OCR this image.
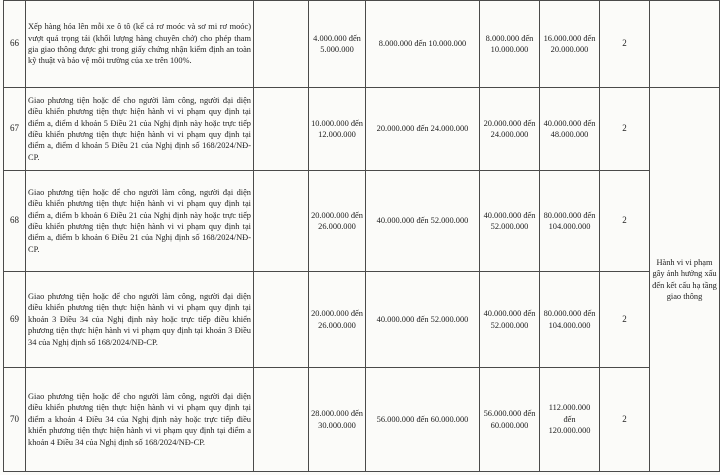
66	Xếp hàng hóa lên mỗi xe ô tô (kể cả rơ moóc và sơ mi rơ moóc) vượt quá trọng tải (khối lượng hàng chuyên chở) cho phép tham gia giao thông được ghi trong giấy chứng nhận kiểm định an toàn kỹ thuật và bảo vệ môi trường của xe trên 100%.		4.000.000 đến 5.000.000	8.000.000 đến 10.000.000	8.000.000 đến 10.000.000	16.000.000 đến 20.000.000	2	
67	Giao phương tiện hoặc để cho người làm công, người đại diện điều khiển phương tiện thực hiện hành vi vi phạm quy định tại điểm a, điểm d khoản 5 Điều 21 của Nghị định này hoặc trực tiếp điều khiển phương tiện thực hiện hành vi vi phạm quy định tại điểm a, điểm d khoản 5 Điều 21 của Nghị định số 168/2024/NĐ-CP.		10.000.000 đến 12.000.000	20.000.000 đến 24.000.000	20.000.000 đến 24.000.000	40.000.000 đến 48.000.000	2	Hành vi vi phạm gây ảnh hưởng xấu đến kết cấu hạ tầng giao thông
68	Giao phương tiện hoặc để cho người làm công, người đại diện điều khiển phương tiện thực hiện hành vi vi phạm quy định tại điểm a, điểm b khoản 6 Điều 21 của Nghị định này hoặc trực tiếp điều khiển phương tiện thực hiện hành vi vi phạm quy định tại điểm a, điểm b khoản 6 Điều 21 của Nghị định số 168/2024/NĐ-CP.		20.000.000 đến 26.000.000	40.000.000 đến 52.000.000	40.000.000 đến 52.000.000	80.000.000 đến 104.000.000	2	
69	Giao phương tiện hoặc để cho người làm công, người đại diện điều khiển phương tiện thực hiện hành vi vi phạm quy định tại khoản 3 Điều 34 của Nghị định này hoặc trực tiếp điều khiển phương tiện thực hiện hành vi vi phạm quy định tại khoản 3 Điều 34 của Nghị định số 168/2024/NĐ-CP.		20.000.000 đến 26.000.000	40.000.000 đến 52.000.000	40.000.000 đến 52.000.000	80.000.000 đến 104.000.000	2	
70	Giao phương tiện hoặc để cho người làm công, người đại diện điều khiển phương tiện thực hiện hành vi vi phạm quy định tại điểm a khoản 4 Điều 34 của Nghị định này hoặc trực tiếp điều khiển phương tiện thực hiện hành vi vi phạm quy định tại điểm a khoản 4 Điều 34 của Nghị định số 168/2024/NĐ-CP.		28.000.000 đến 30.000.000	56.000.000 đến 60.000.000	56.000.000 đến 60.000.000	112.000.000 đến 120.000.000	2	
